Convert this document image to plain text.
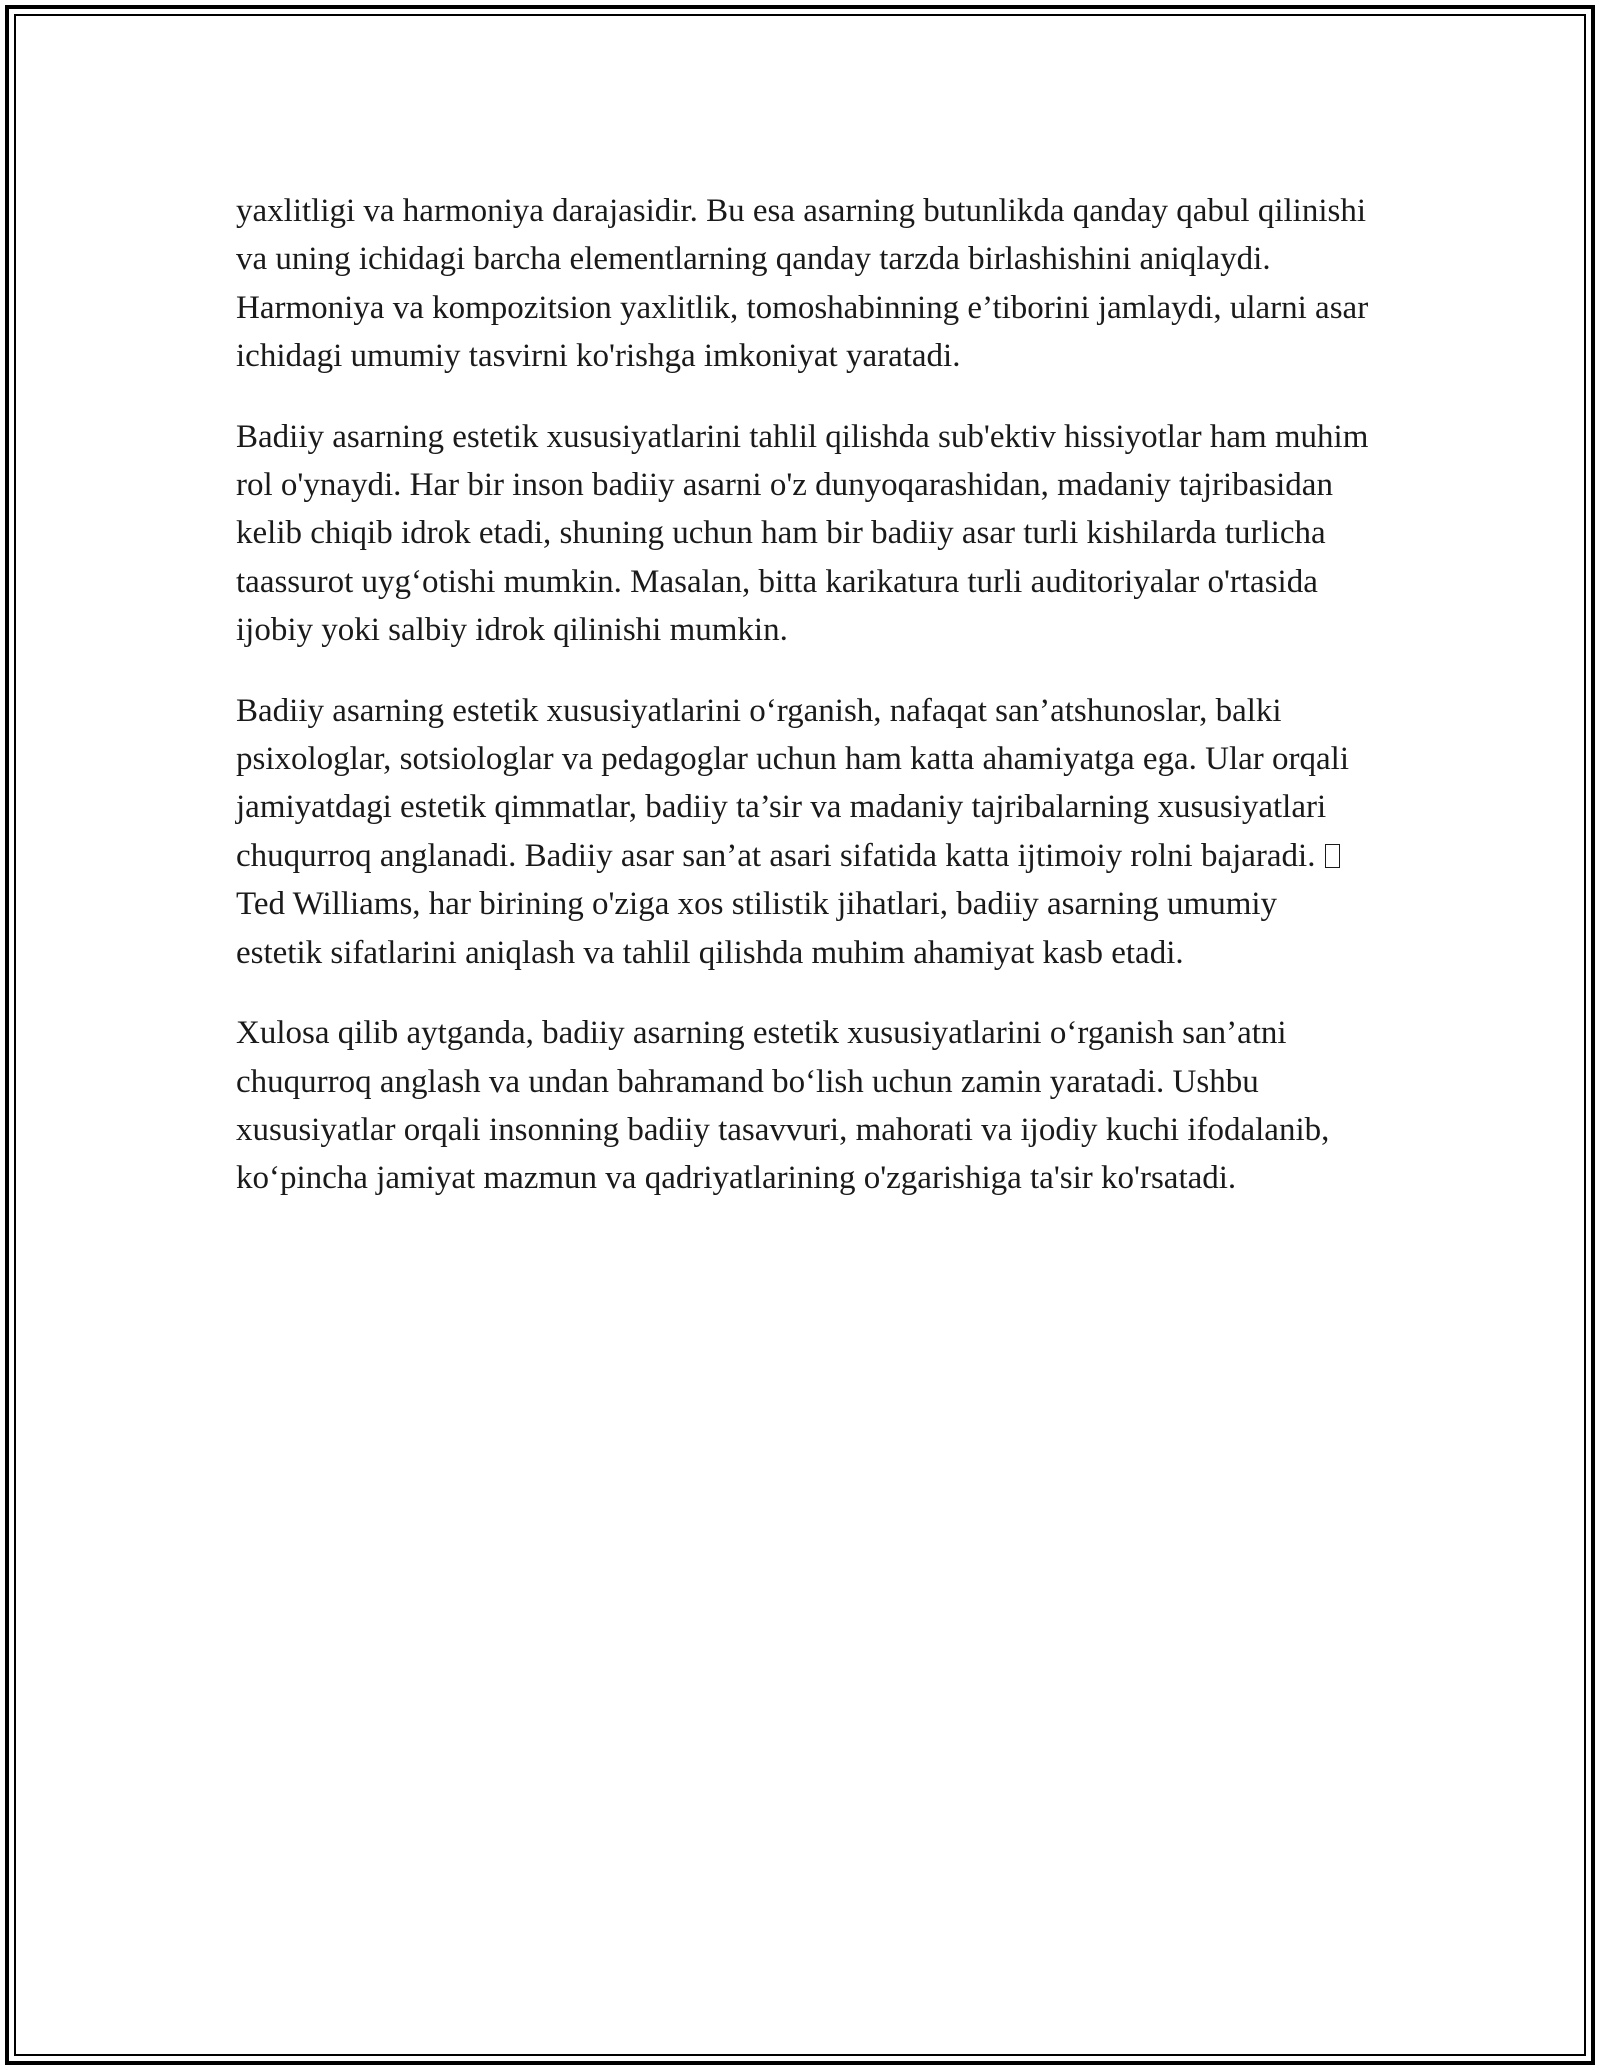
yaxlitligi va harmoniya darajasidir. Bu esa asarning butunlikda qanday qabul qilinishi va uning ichidagi barcha elementlarning qanday tarzda birlashishini aniqlaydi. Harmoniya va kompozitsion yaxlitlik, tomoshabinning e’tiborini jamlaydi, ularni asar ichidagi umumiy tasvirni ko'rishga imkoniyat yaratadi.

Badiiy asarning estetik xususiyatlarini tahlil qilishda sub'ektiv hissiyotlar ham muhim rol o'ynaydi. Har bir inson badiiy asarni o'z dunyoqarashidan, madaniy tajribasidan kelib chiqib idrok etadi, shuning uchun ham bir badiiy asar turli kishilarda turlicha taassurot uygʻotishi mumkin. Masalan, bitta karikatura turli auditoriyalar o'rtasida ijobiy yoki salbiy idrok qilinishi mumkin.

Badiiy asarning estetik xususiyatlarini oʻrganish, nafaqat san’atshunoslar, balki psixologlar, sotsiologlar va pedagoglar uchun ham katta ahamiyatga ega. Ular orqali jamiyatdagi estetik qimmatlar, badiiy ta’sir va madaniy tajribalarning xususiyatlari chuqurroq anglanadi. Badiiy asar san’at asari sifatida katta ijtimoiy rolni bajaradi.Ted Williams, har birining o'ziga xos stilistik jihatlari, badiiy asarning umumiy estetik sifatlarini aniqlash va tahlil qilishda muhim ahamiyat kasb etadi.

Xulosa qilib aytganda, badiiy asarning estetik xususiyatlarini oʻrganish san’atni chuqurroq anglash va undan bahramand boʻlish uchun zamin yaratadi. Ushbu xususiyatlar orqali insonning badiiy tasavvuri, mahorati va ijodiy kuchi ifodalanib, koʻpincha jamiyat mazmun va qadriyatlarining o'zgarishiga ta'sir ko'rsatadi.
